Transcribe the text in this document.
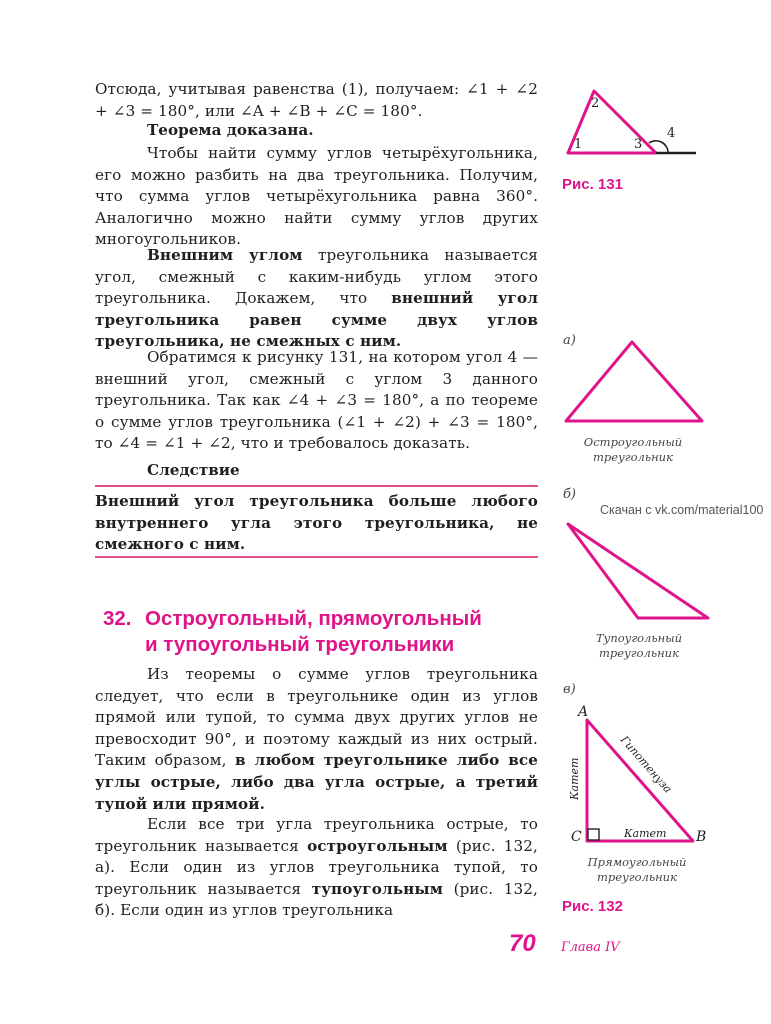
Отсюда, учитывая равенства (1), получаем: ∠1 + ∠2 + ∠3 = 180°, или ∠A + ∠B + ∠C = 180°.

Теорема доказана.

Чтобы найти сумму углов четырёхугольника, его можно разбить на два треугольника. Получим, что сумма углов четырёхугольника равна 360°. Аналогично можно найти сумму углов других многоугольников.

Внешним углом треугольника называется угол, смежный с каким-нибудь углом этого треугольника. Докажем, что внешний угол треугольника равен сумме двух углов треугольника, не смежных с ним.

Обратимся к рисунку 131, на котором угол 4 — внешний угол, смежный с углом 3 данного треугольника. Так как ∠4 + ∠3 = 180°, а по теореме о сумме углов треугольника (∠1 + ∠2) + ∠3 = 180°, то ∠4 = ∠1 + ∠2, что и требовалось доказать.

Следствие

Внешний угол треугольника больше любого внутреннего угла этого треугольника, не смежного с ним.

32. Остроугольный, прямоугольный
и тупоугольный треугольники

Из теоремы о сумме углов треугольника следует, что если в треугольнике один из углов прямой или тупой, то сумма двух других углов не превосходит 90°, и поэтому каждый из них острый. Таким образом, в любом треугольнике либо все углы острые, либо два угла острые, а третий тупой или прямой.

Если все три угла треугольника острые, то треугольник называется остроугольным (рис. 132, а). Если один из углов треугольника тупой, то треугольник называется тупоугольным (рис. 132, б). Если один из углов треугольника

1
2
3
4
Рис. 131
а)
Остроугольный
треугольник
б)
Скачан с vk.com/material100
Тупоугольный
треугольник
в)
A
C	B
Катет
Катет
Гипотенуза
Прямоугольный
треугольник
Рис. 132
70 Глава IV
